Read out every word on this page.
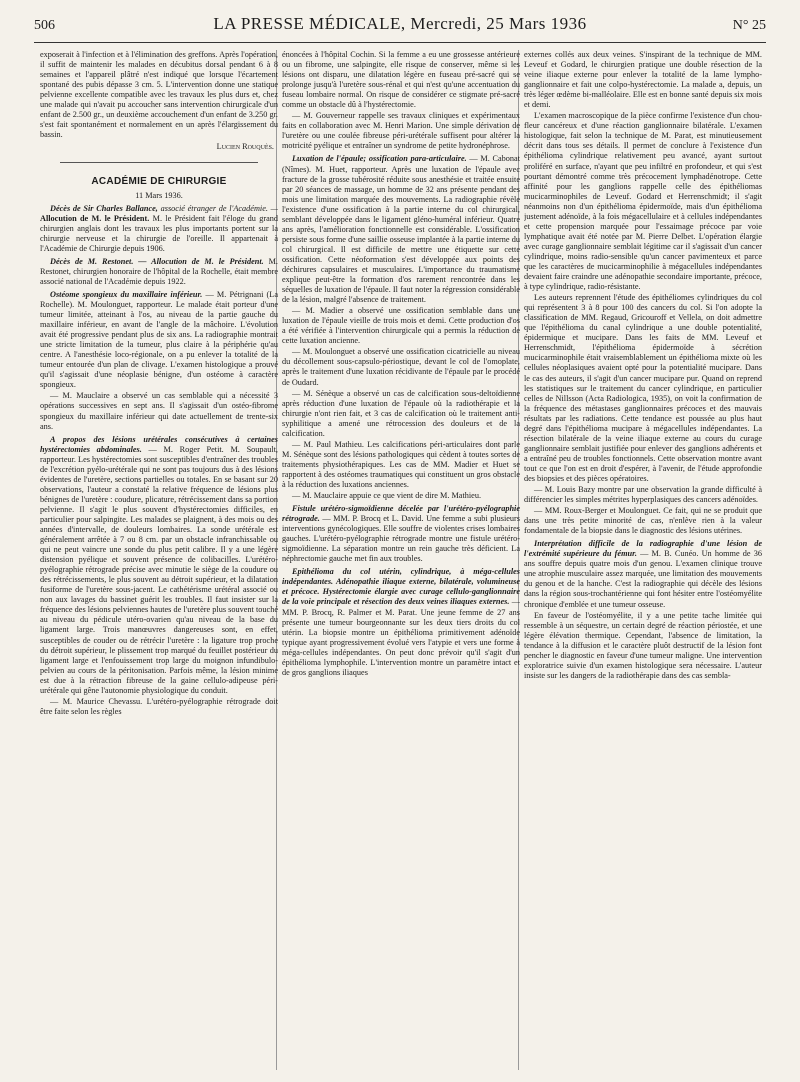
506	LA PRESSE MÉDICALE, Mercredi, 25 Mars 1936	N° 25

exposerait à l'infection et à l'élimination des greffons. Après l'opération, il suffit de maintenir les malades en décubitus dorsal pendant 6 à 8 semaines et l'appareil plâtré n'est indiqué que lorsque l'écartement spontané des pubis dépasse 3 cm. 5. L'intervention donne une statique pelvienne excellente compatible avec les travaux les plus durs et, chez une malade qui n'avait pu accoucher sans intervention chirurgicale d'un enfant de 2.500 gr., un deuxième accouchement d'un enfant de 3.250 gr. s'est fait spontanément et normalement en un après l'élargissement du bassin.

Lucien Rouquès.

ACADÉMIE DE CHIRURGIE
11 Mars 1936.

Décès de Sir Charles Ballance, associé étranger de l'Académie. — Allocution de M. le Président. M. le Président fait l'éloge du grand chirurgien anglais dont les travaux les plus importants portent sur la chirurgie nerveuse et la chirurgie de l'oreille. Il appartenait à l'Académie de Chirurgie depuis 1906.

Décès de M. Restonet. — Allocution de M. le Président. M. Restonet, chirurgien honoraire de l'hôpital de la Rochelle, était membre associé national de l'Académie depuis 1922.

Ostéome spongieux du maxillaire inférieur. — M. Pétrignani (La Rochelle). M. Moulonguet, rapporteur. Le malade était porteur d'une tumeur limitée, atteinant à l'os, au niveau de la partie gauche du maxillaire inférieur, en avant de l'angle de la mâchoire. L'évolution avait été progressive pendant plus de six ans. La radiographie montrait une stricte limitation de la tumeur, plus claire à la périphérie qu'au centre. A l'anesthésie loco-régionale, on a pu enlever la totalité de la tumeur entourée d'un plan de clivage. L'examen histologique a prouvé qu'il s'agissait d'une néoplasie bénigne, d'un ostéome à caractère spongieux.

— M. Mauclaire a observé un cas semblable qui a nécessité 3 opérations successives en sept ans. Il s'agissait d'un ostéo-fibrome spongieux du maxillaire inférieur qui date actuellement de trente-six ans.

A propos des lésions urétérales consécutives à certaines hystérectomies abdominales. — M. Roger Petit. M. Soupault, rapporteur. Les hystérectomies sont susceptibles d'entraîner des troubles de l'excrétion pyélo-urétérale qui ne sont pas toujours dus à des lésions évidentes de l'uretère, sections partielles ou totales. En se basant sur 20 observations, l'auteur a constaté la relative fréquence de lésions plus bénignes de l'uretère : coudure, plicature, rétrécissement dans sa portion pelvienne. Il s'agit le plus souvent d'hystérectomies difficiles, en particulier pour salpingite. Les malades se plaignent, à des mois ou des années d'intervalle, de douleurs lombaires. La sonde urétérale est généralement arrêtée à 7 ou 8 cm. par un obstacle infranchissable ou qui ne peut vaincre une sonde du plus petit calibre. Il y a une légère distension pyélique et souvent présence de colibacilles. L'urétéro-pyélographie rétrograde précise avec minutie le siège de la coudure ou des rétrécissements, le plus souvent au détroit supérieur, et la dilatation fusiforme de l'uretère sous-jacent. Le cathétérisme urétéral associé ou non aux lavages du bassinet guérit les troubles. Il faut insister sur la fréquence des lésions pelviennes hautes de l'uretère plus souvent touché au niveau du pédicule utéro-ovarien qu'au niveau de la base du ligament large. Trois manœuvres dangereuses sont, en effet, susceptibles de couder ou de rétrécir l'uretère : la ligature trop proche du détroit supérieur, le plissement trop marqué du feuillet postérieur du ligament large et l'enfouissement trop large du moignon infundibulo-pelvien au cours de la péritonisation. Parfois même, la lésion minime est due à la rétraction fibreuse de la gaine cellulo-adipeuse péri-urétérale qui gêne l'autonomie physiologique du conduit.

— M. Maurice Chevassu. L'urétéro-pyélographie rétrograde doit être faite selon les règles

énoncées à l'hôpital Cochin. Si la femme a eu une grossesse antérieure ou un fibrome, une salpingite, elle risque de conserver, même si les lésions ont disparu, une dilatation légère en fuseau pré-sacré qui se prolonge jusqu'à l'uretère sous-rénal et qui n'est qu'une accentuation du fuseau lombaire normal. On risque de considérer ce stigmate pré-sacré comme un obstacle dû à l'hystérectomie.

— M. Gouverneur rappelle ses travaux cliniques et expérimentaux faits en collaboration avec M. Henri Marion. Une simple dérivation de l'uretère ou une coulée fibreuse péri-urétérale suffisent pour altérer la motricité pyélique et entraîner un syndrome de petite hydronéphrose.

Luxation de l'épaule; ossification para-articulaire. — M. Cabonat (Nîmes). M. Huet, rapporteur. Après une luxation de l'épaule avec fracture de la grosse tubérosité réduite sous anesthésie et traitée ensuite par 20 séances de massage, un homme de 32 ans présente pendant des mois une limitation marquée des mouvements. La radiographie révèle l'existence d'une ossification à la partie interne du col chirurgical, semblant développée dans le ligament gléno-huméral inférieur. Quatre ans après, l'amélioration fonctionnelle est considérable. L'ossification persiste sous forme d'une saillie osseuse implantée à la partie interne du col chirurgical. Il est difficile de mettre une étiquette sur cette ossification. Cette néoformation s'est développée aux points des déchirures capsulaires et musculaires. L'importance du traumatisme explique peut-être la formation d'os rarement rencontrée dans les séquelles de luxation de l'épaule. Il faut noter la régression considérable de la lésion, malgré l'absence de traitement.

— M. Madier a observé une ossification semblable dans une luxation de l'épaule vieille de trois mois et demi. Cette production d'os a été vérifiée à l'intervention chirurgicale qui a permis la réduction de cette luxation ancienne.

— M. Moulonguet a observé une ossification cicatricielle au niveau du décollement sous-capsulo-périostique, devant le col de l'omoplate, après le traitement d'une luxation récidivante de l'épaule par le procédé de Oudard.

— M. Sénèque a observé un cas de calcification sous-deltoïdienne après réduction d'une luxation de l'épaule où la radiothérapie et la chirurgie n'ont rien fait, et 3 cas de calcification où le traitement anti-syphilitique a amené une rétrocession des douleurs et de la calcification.

— M. Paul Mathieu. Les calcifications péri-articulaires dont parle M. Sénèque sont des lésions pathologiques qui cèdent à toutes sortes de traitements physiothérapiques. Les cas de MM. Madier et Huet se rapportent à des ostéomes traumatiques qui constituent un gros obstacle à la réduction des luxations anciennes.

— M. Mauclaire appuie ce que vient de dire M. Mathieu.

Fistule urétéro-sigmoïdienne décelée par l'urétéro-pyélographie rétrograde. — MM. P. Brocq et L. David. Une femme a subi plusieurs interventions gynécologiques. Elle souffre de violentes crises lombaires gauches. L'urétéro-pyélographie rétrograde montre une fistule urétéro-sigmoïdienne. La séparation montre un rein gauche très déficient. La néphrectomie gauche met fin aux troubles.

Epithélioma du col utérin, cylindrique, à méga-cellules indépendantes. Adénopathie iliaque externe, bilatérale, volumineuse et précoce. Hystérectomie élargie avec curage cellulo-ganglionnaire de la voie principale et résection des deux veines iliaques externes. — MM. P. Brocq, R. Palmer et M. Parat. Une jeune femme de 27 ans présente une tumeur bourgeonnante sur les deux tiers droits du col utérin. La biopsie montre un épithélioma primitivement adénoïde typique ayant progressivement évolué vers l'atypie et vers une forme à méga-cellules indépendantes. On peut donc prévoir qu'il s'agit d'un épithélioma lymphophile. L'intervention montre un paramètre intact et de gros ganglions iliaques

externes collés aux deux veines. S'inspirant de la technique de MM. Leveuf et Godard, le chirurgien pratique une double résection de la veine iliaque externe pour enlever la totalité de la lame lympho-ganglionnaire et fait une colpo-hystérectomie. La malade a, depuis, un très léger œdème bi-malléolaire. Elle est en bonne santé depuis six mois et demi.

L'examen macroscopique de la pièce confirme l'existence d'un chou-fleur cancéreux et d'une réaction ganglionnaire bilatérale. L'examen histologique, fait selon la technique de M. Parat, est minutieusement décrit dans tous ses détails. Il permet de conclure à l'existence d'un épithélioma cylindrique relativement peu avancé, ayant surtout proliféré en surface, n'ayant que peu infiltré en profondeur, et qui s'est pourtant démontré comme très précocement lymphadénotrope. Cette affinité pour les ganglions rappelle celle des épithéliomas mucicarminophiles de Leveuf. Godard et Herrenschmidt; il s'agit néanmoins non d'un épithélioma épidermoïde, mais d'un épithélioma justement adénoïde, à la fois mégacellulaire et à cellules indépendantes et cette propension marquée pour l'essaimage précoce par voie lymphatique avait été notée par M. Pierre Delbet. L'opération élargie avec curage ganglionnaire semblait légitime car il s'agissait d'un cancer cylindrique, moins radio-sensible qu'un cancer pavimenteux et parce que les caractères de mucicarminophilie à mégacellules indépendantes devaient faire craindre une adénopathie secondaire importante, précoce, à type cylindrique, radio-résistante.

Les auteurs reprennent l'étude des épithéliomes cylindriques du col qui représentent 3 à 8 pour 100 des cancers du col. Si l'on adopte la classification de MM. Regaud, Gricouroff et Vellela, on doit admettre que l'épithélioma du canal cylindrique a une double potentialité, épidermique et mucipare. Dans les faits de MM. Leveuf et Herrenschmidt, l'épithélioma épidermoïde à sécrétion mucicarminophile était vraisemblablement un épithélioma mixte où les cellules néoplasiques avaient opté pour la potentialité mucipare. Dans le cas des auteurs, il s'agit d'un cancer mucipare pur. Quand on reprend les statistiques sur le traitement du cancer cylindrique, en particulier celles de Nillsson (Acta Radiologica, 1935), on voit la confirmation de la fréquence des métastases ganglionnaires précoces et des mauvais résultats par les radiations. Cette tendance est poussée au plus haut degré dans l'épithélioma mucipare à mégacellules indépendantes. La résection bilatérale de la veine iliaque externe au cours du curage ganglionnaire semblait justifiée pour enlever des ganglions adhérents et a entraîné peu de troubles fonctionnels. Cette observation montre avant tout ce que l'on est en droit d'espérer, à l'avenir, de l'étude approfondie des biopsies et des pièces opératoires.

— M. Louis Bazy montre par une observation la grande difficulté à différencier les simples métrites hyperplasiques des cancers adénoïdes.

— MM. Roux-Berger et Moulonguet. Ce fait, qui ne se produit que dans une très petite minorité de cas, n'enlève rien à la valeur fondamentale de la biopsie dans le diagnostic des lésions utérines.

Interprétation difficile de la radiographie d'une lésion de l'extrémité supérieure du fémur. — M. B. Cunéo. Un homme de 36 ans souffre depuis quatre mois d'un genou. L'examen clinique trouve une atrophie musculaire assez marquée, une limitation des mouvements du genou et de la hanche. C'est la radiographie qui décèle des lésions dans la région sous-trochantérienne qui font hésiter entre l'ostéomyélite chronique d'emblée et une tumeur osseuse.

En faveur de l'ostéomyélite, il y a une petite tache limitée qui ressemble à un séquestre, un certain degré de réaction périostée, et une légère élévation thermique. Cependant, l'absence de limitation, la tendance à la diffusion et le caractère pluôt destructif de la lésion font pencher le diagnostic en faveur d'une tumeur maligne. Une intervention exploratrice suivie d'un examen histologique sera nécessaire. L'auteur insiste sur les dangers de la radiothérapie dans des cas sembla-
